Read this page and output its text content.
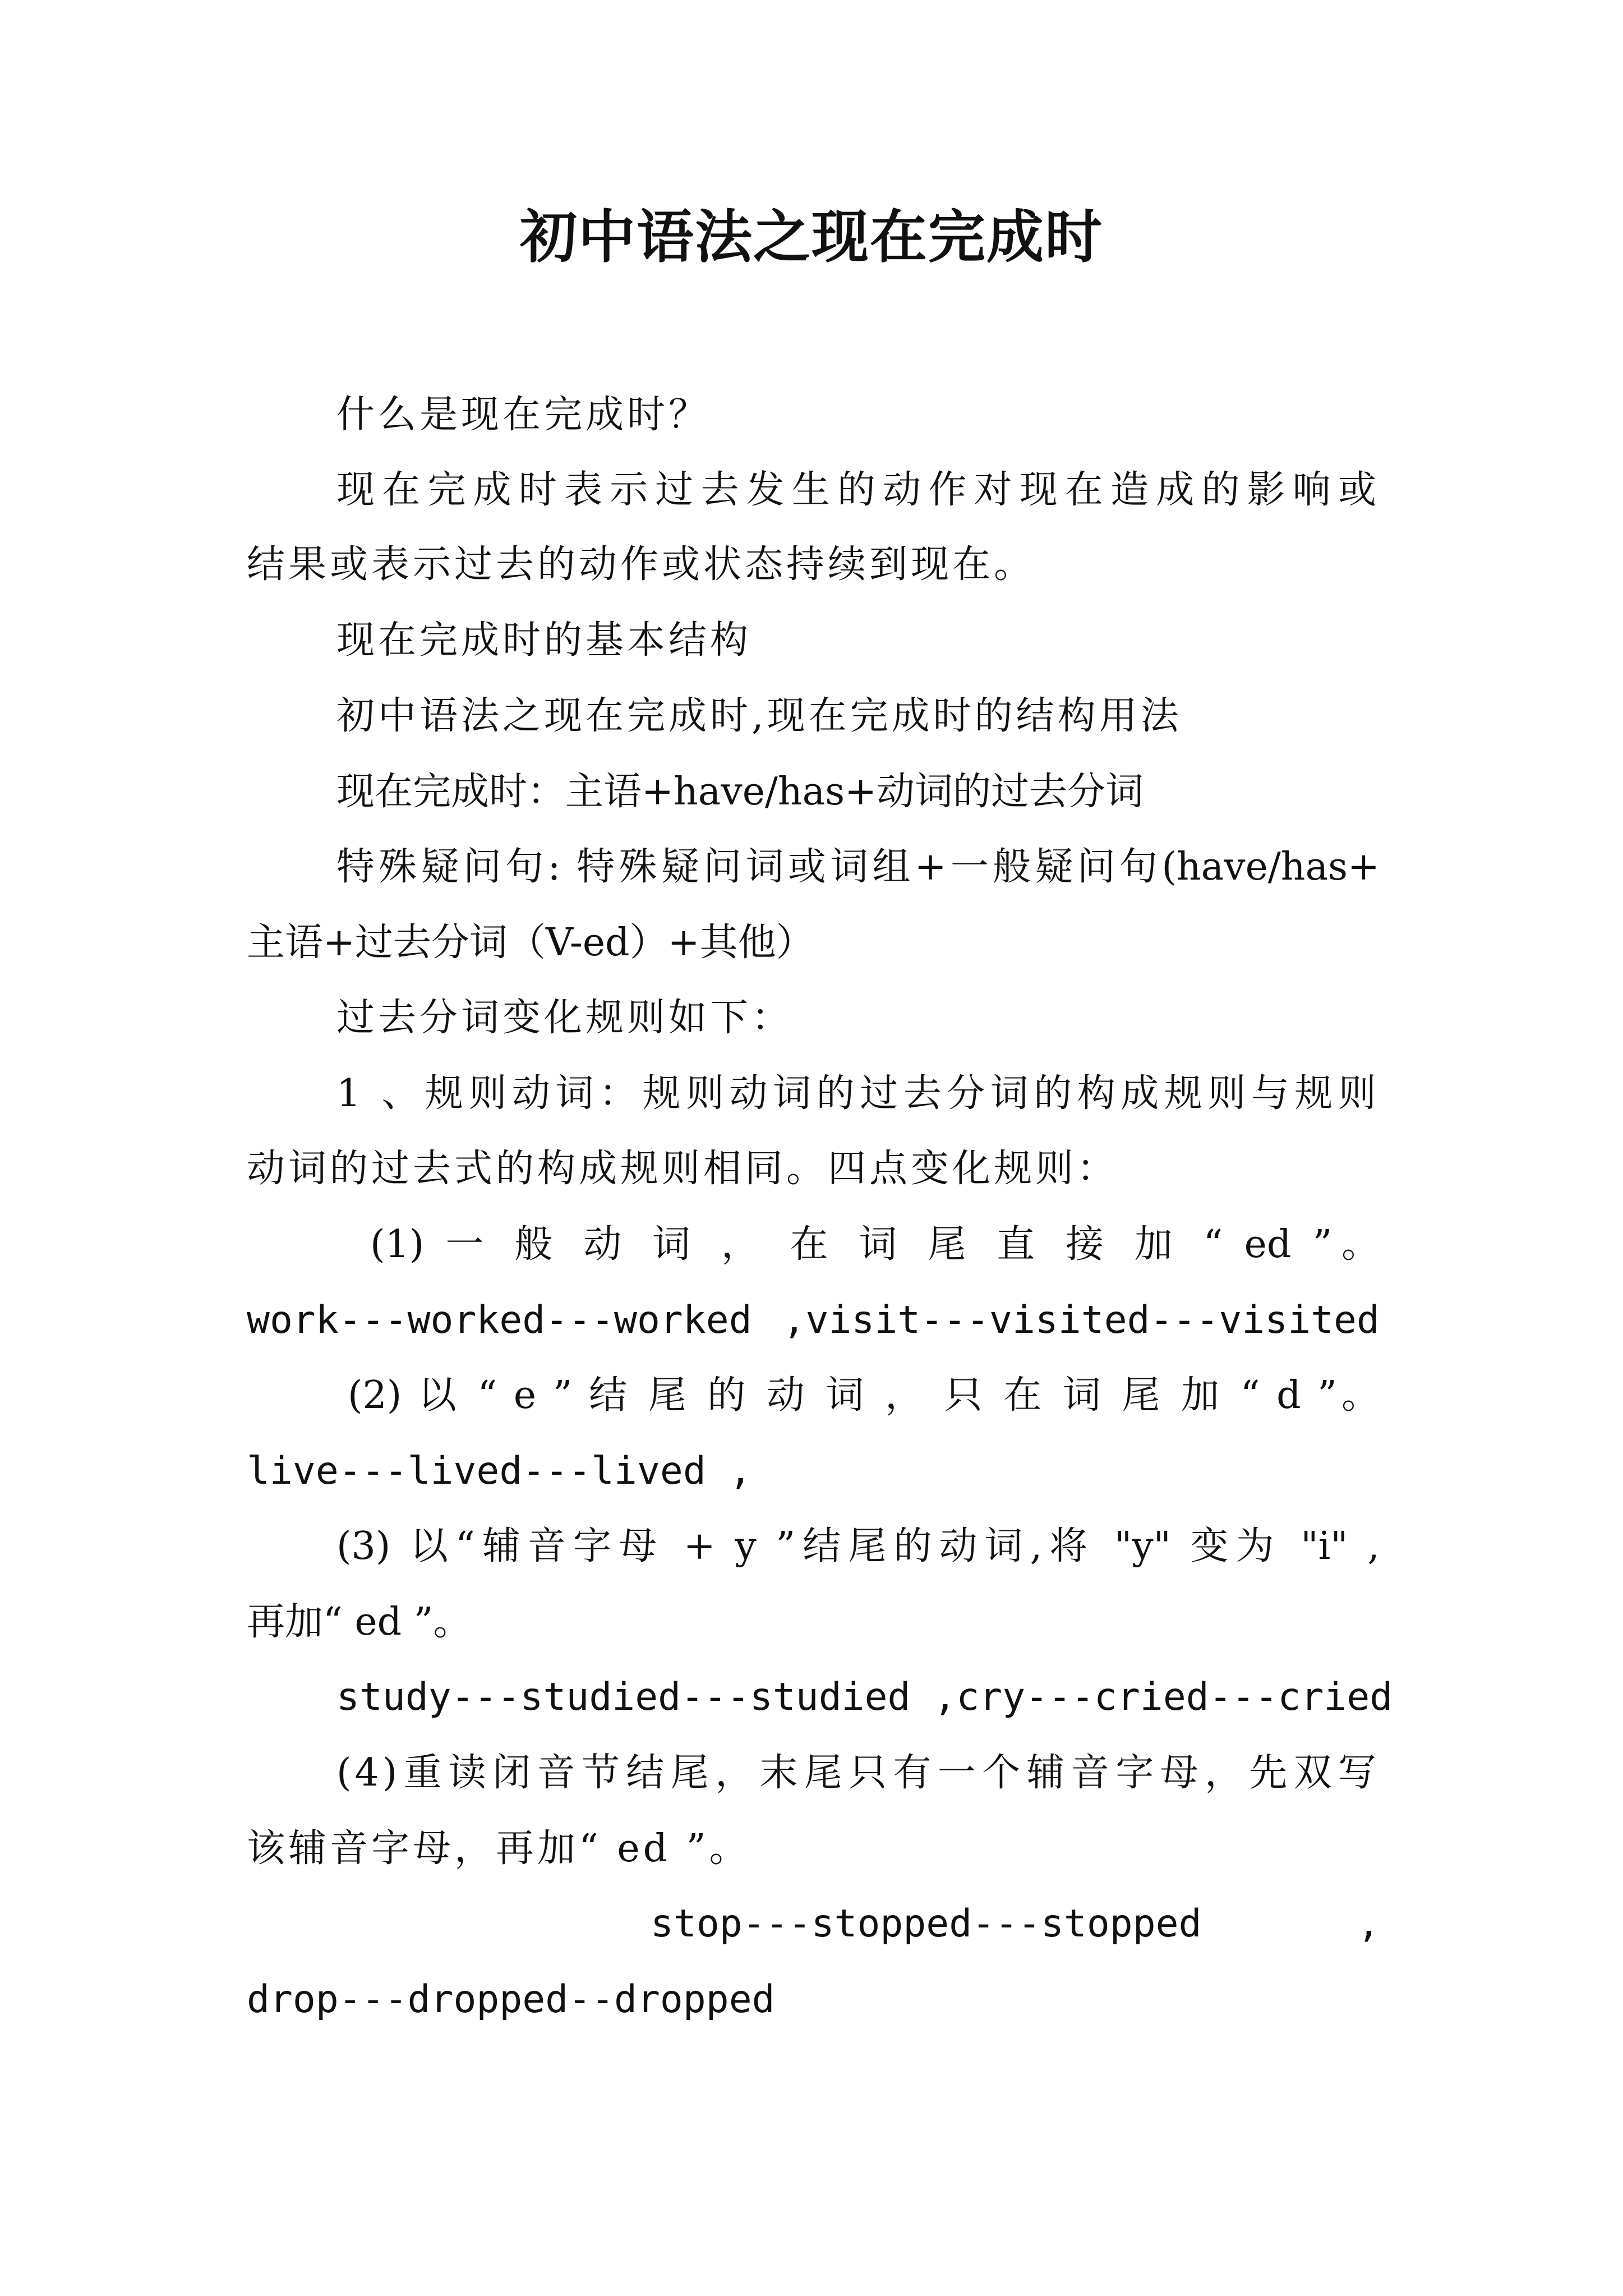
初中语法之现在完成时
什么是现在完成时？
现在完成时表示过去发生的动作对现在造成的影响或
结果或表示过去的动作或状态持续到现在。
现在完成时的基本结构
初中语法之现在完成时,现在完成时的结构用法
现在完成时：主语+have/has+动词的过去分词
特殊疑问句: 特殊疑问词或词组+一般疑问句(have/has+
主语+过去分词（V-ed）+其他）
过去分词变化规则如下：
1 、规则动词：规则动词的过去分词的构成规则与规则
动词的过去式的构成规则相同。四点变化规则：
(1) 一 般 动 词 ， 在 词 尾 直 接 加 “ ed ”。
work---worked---worked ,visit---visited---visited
(2) 以 “ e ” 结 尾 的 动 词 ， 只 在 词 尾 加 “ d ”。
live---lived---lived ,
(3) 以“辅音字母 + y ”结尾的动词,将 "y" 变为 "i" ,
再加“ ed ”。
study---studied---studied ,cry---cried---cried
(4)重读闭音节结尾，末尾只有一个辅音字母，先双写
该辅音字母，再加“ ed ”。
stop---stopped---stopped	,
drop---dropped--dropped
